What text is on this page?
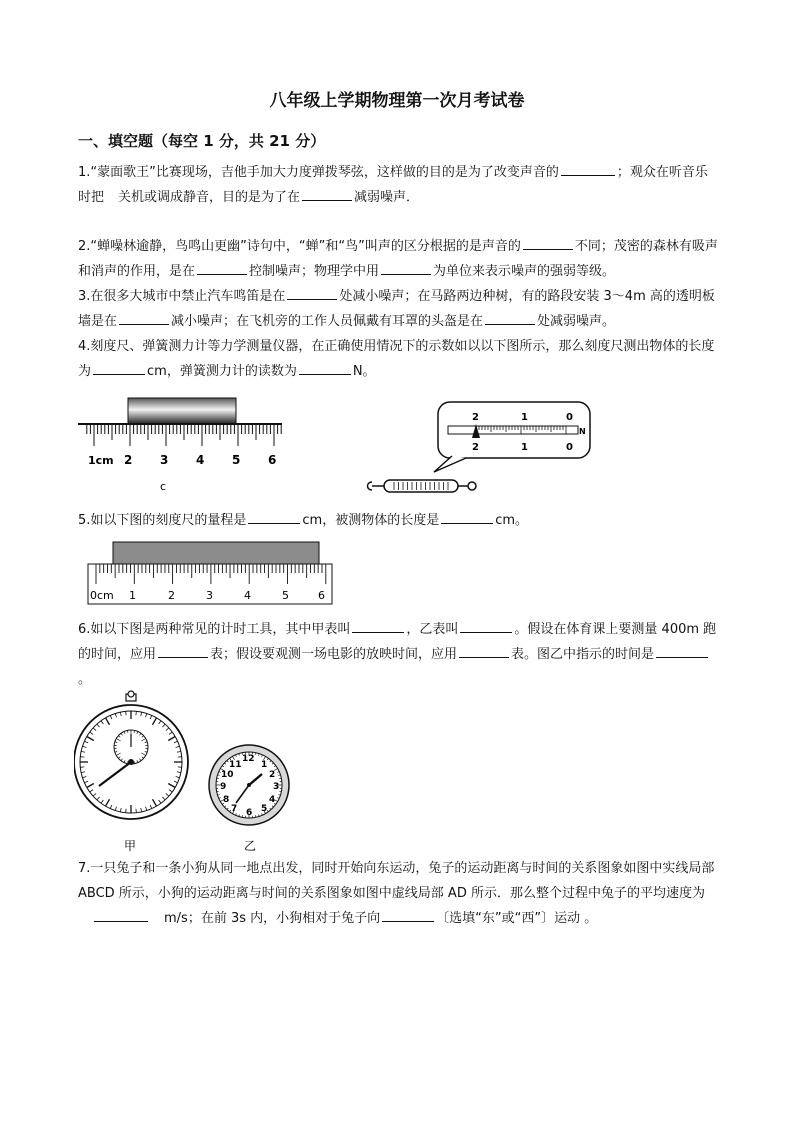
八年级上学期物理第一次月考试卷
一、填空题（每空 1 分，共 21 分）

1.“蒙面歌王”比赛现场，吉他手加大力度弹拨琴弦，这样做的目的是为了改变声音的	；观众在听音乐时把 关机或调成静音，目的是为了在	减弱噪声．

2.“蝉噪林逾静，鸟鸣山更幽”诗句中，“蝉”和“鸟”叫声的区分根据的是声音的	不同；茂密的森林有吸声和消声的作用，是在	控制噪声；物理学中用	为单位来表示噪声的强弱等级。

3.在很多大城市中禁止汽车鸣笛是在	处减小噪声；在马路两边种树，有的路段安装 3～4m 高的透明板墙是在	减小噪声；在飞机旁的工作人员佩戴有耳罩的头盔是在	处减弱噪声。

4.刻度尺、弹簧测力计等力学测量仪器，在正确使用情况下的示数如以以下图所示，那么刻度尺测出物体的长度为	cm，弹簧测力计的读数为	N。

1cm 2 3 4 5 6
c
2	1	0
2	1	0
N

5.如以下图的刻度尺的量程是	cm，被测物体的长度是	cm。

0cm 1	2	3	4	5	6

6.如以下图是两种常见的计时工具，其中甲表叫	，乙表叫	。假设在体育课上要测量 400m 跑的时间，应用	表；假设要观测一场电影的放映时间，应用	表。图乙中指示的时间是。

甲
12
1
2
3
4
5
6
7
8
9
10
11
乙

7.一只兔子和一条小狗从同一地点出发，同时开始向东运动，兔子的运动距离与时间的关系图象如图中实线局部 ABCD 所示，小狗的运动距离与时间的关系图象如图中虚线局部 AD 所示．那么整个过程中兔子的平均速度为m/s；在前 3s 内，小狗相对于兔子向	〔选填“东”或“西”〕运动 。
